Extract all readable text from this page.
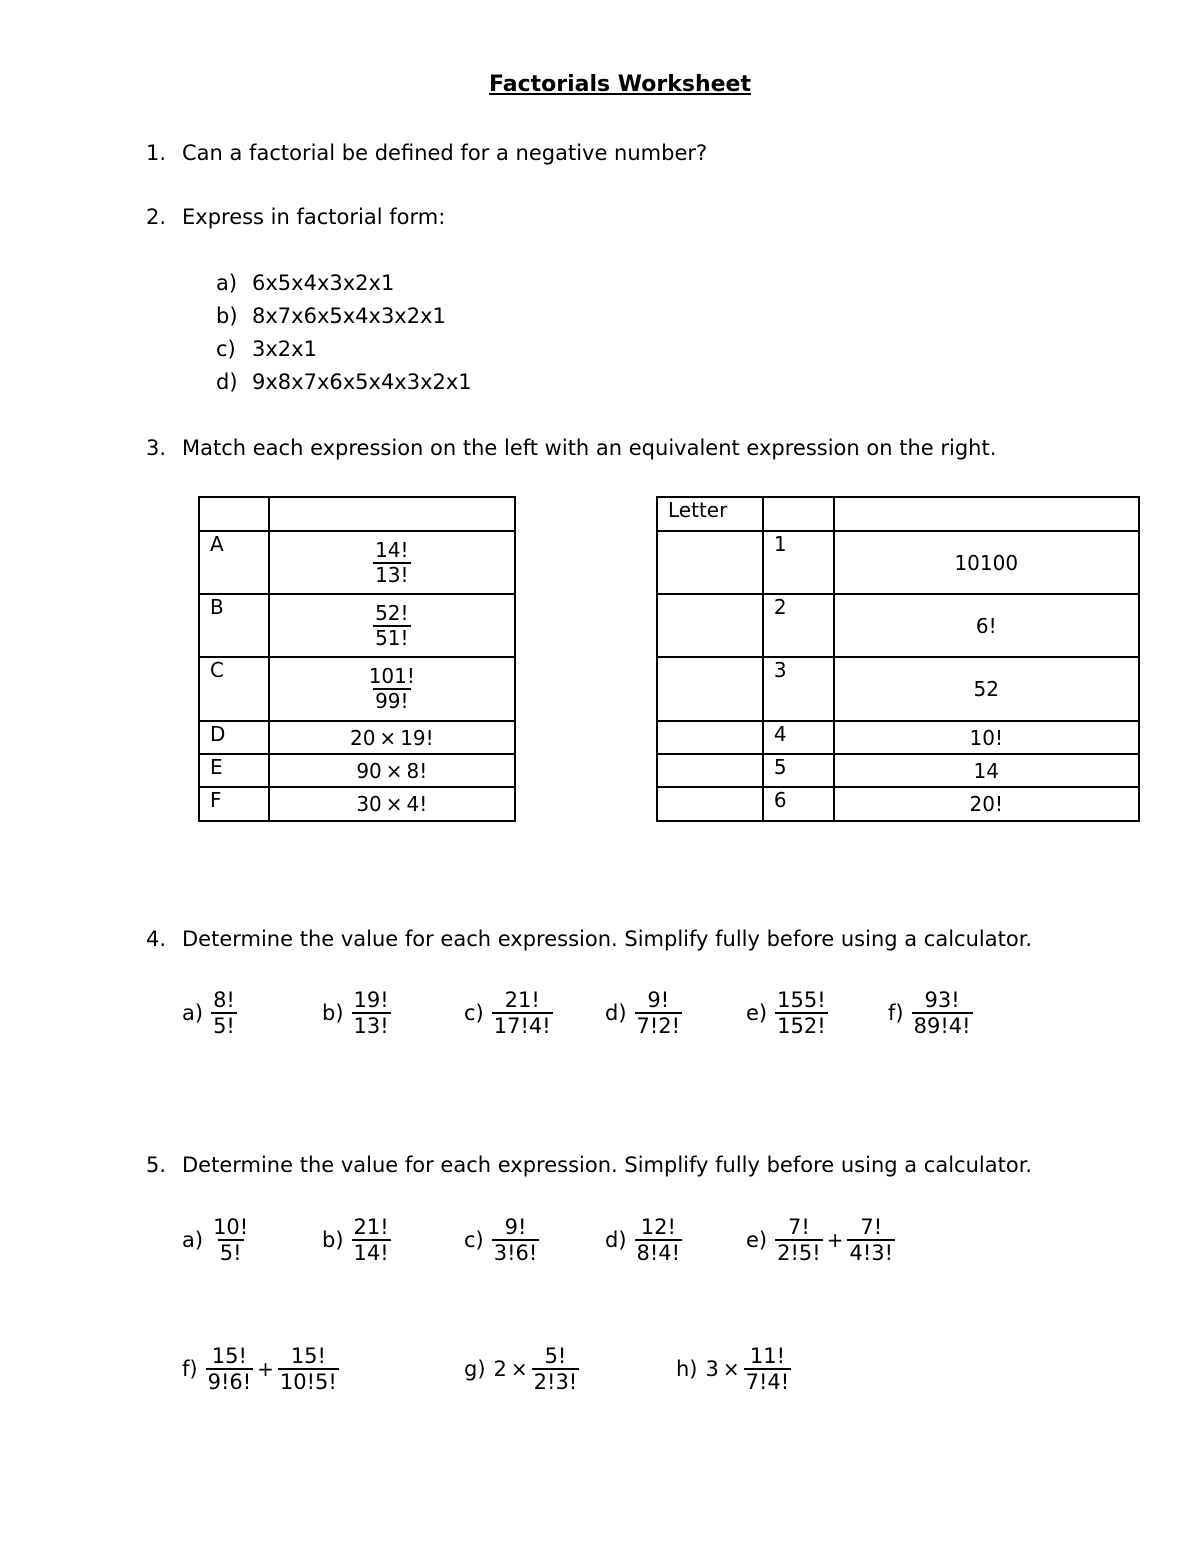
Factorials Worksheet
1. Can a factorial be defined for a negative number?
2. Express in factorial form:
a) 6x5x4x3x2x1
b) 8x7x6x5x4x3x2x1
c) 3x2x1
d) 9x8x7x6x5x4x3x2x1
3. Match each expression on the left with an equivalent expression on the right.

A	$\frac{14!}{13!}$

B	$\frac{52!}{51!}$

C	$\frac{101!}{99!}$

D	20 × 19!
E	90 × 8!
F	30 × 4!
Letter		
	1	10100
	2	6!
	3	52
	4	10!
	5	14
	6	20!
4. Determine the value for each expression. Simplify fully before using a calculator.
$a) \frac{8!}{5!}$	$b) \frac{19!}{13!}$	$c) \frac{21!}{17!4!} d) \frac{9!}{7!2!}$	$e) \frac{155!}{152!}$	$f) \frac{93!}{89!4!}$
5. Determine the value for each expression. Simplify fully before using a calculator.
$a) \frac{10!}{5!}$	$b) \frac{21!}{14!}$	$c) \frac{9!}{3!6!}$	$d) \frac{12!}{8!4!}$	$e) \frac{7!}{2!5!} + \frac{7!}{4!3!}$
$f) \frac{15!}{9!6!} + \frac{15!}{10!5!}$	g) $2 \times \frac{5!}{2!3!}$	h) $3 \times \frac{11!}{7!4!}$
